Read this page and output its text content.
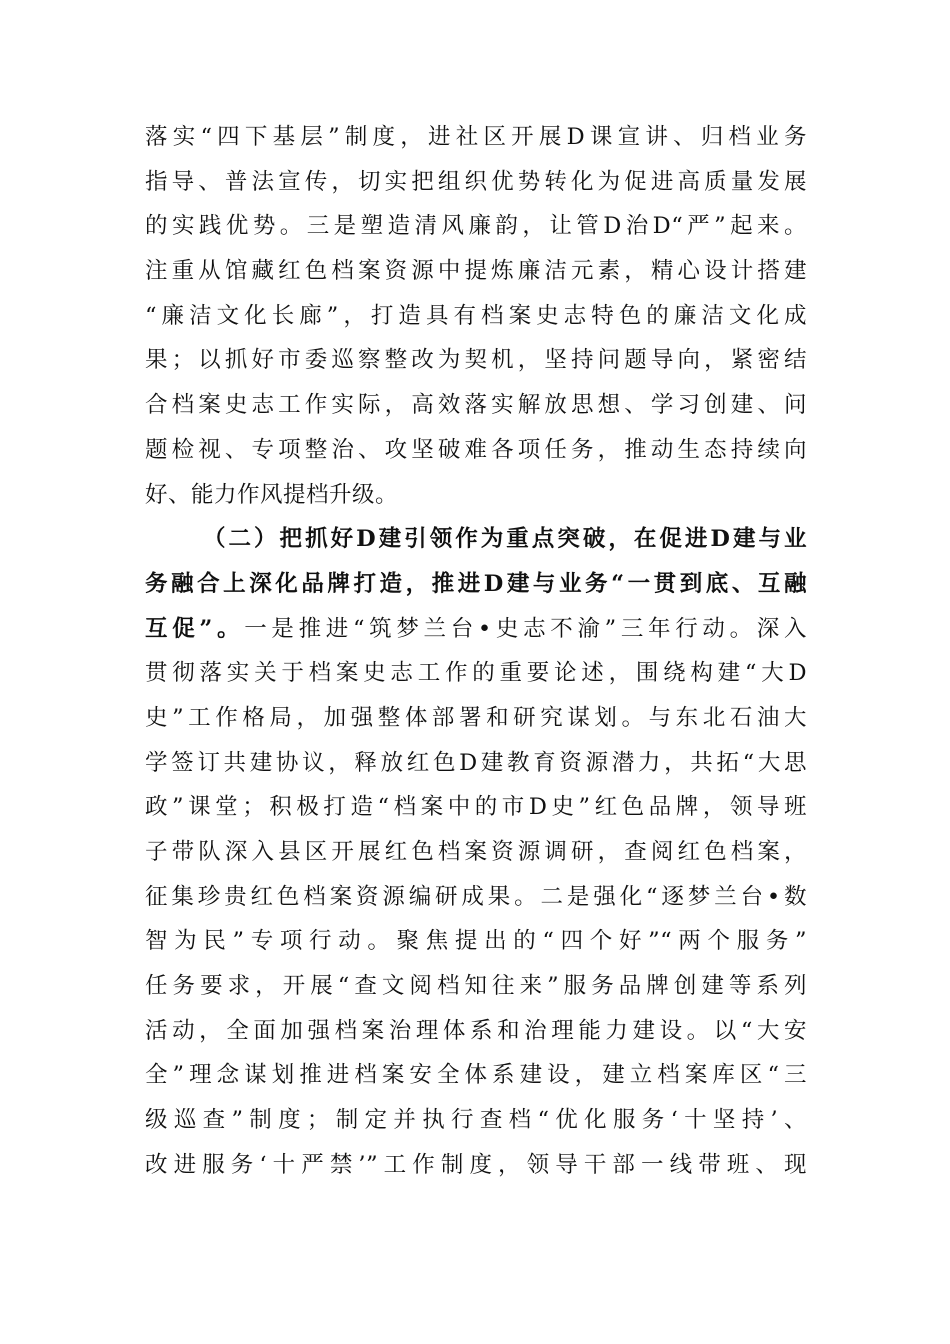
落实“四下基层”制度，进社区开展D课宣讲、归档业务
指导、普法宣传，切实把组织优势转化为促进高质量发展
的实践优势。三是塑造清风廉韵，让管D治D“严”起来。
注重从馆藏红色档案资源中提炼廉洁元素，精心设计搭建
“廉洁文化长廊”，打造具有档案史志特色的廉洁文化成
果；以抓好市委巡察整改为契机，坚持问题导向，紧密结
合档案史志工作实际，高效落实解放思想、学习创建、问
题检视、专项整治、攻坚破难各项任务，推动生态持续向
好、能力作风提档升级。
（二）把抓好D建引领作为重点突破，在促进D建与业
务融合上深化品牌打造，推进D建与业务“一贯到底、互融
互促”。一是推进“筑梦兰台•史志不渝”三年行动。深入
贯彻落实关于档案史志工作的重要论述，围绕构建“大D
史”工作格局，加强整体部署和研究谋划。与东北石油大
学签订共建协议，释放红色D建教育资源潜力，共拓“大思
政”课堂；积极打造“档案中的市D史”红色品牌，领导班
子带队深入县区开展红色档案资源调研，查阅红色档案，
征集珍贵红色档案资源编研成果。二是强化“逐梦兰台•数
智为民”专项行动。聚焦提出的“四个好”“两个服务”
任务要求，开展“查文阅档知往来”服务品牌创建等系列
活动，全面加强档案治理体系和治理能力建设。以“大安
全”理念谋划推进档案安全体系建设，建立档案库区“三
级巡查”制度；制定并执行查档“优化服务‘十坚持’、
改进服务‘十严禁’”工作制度，领导干部一线带班、现
